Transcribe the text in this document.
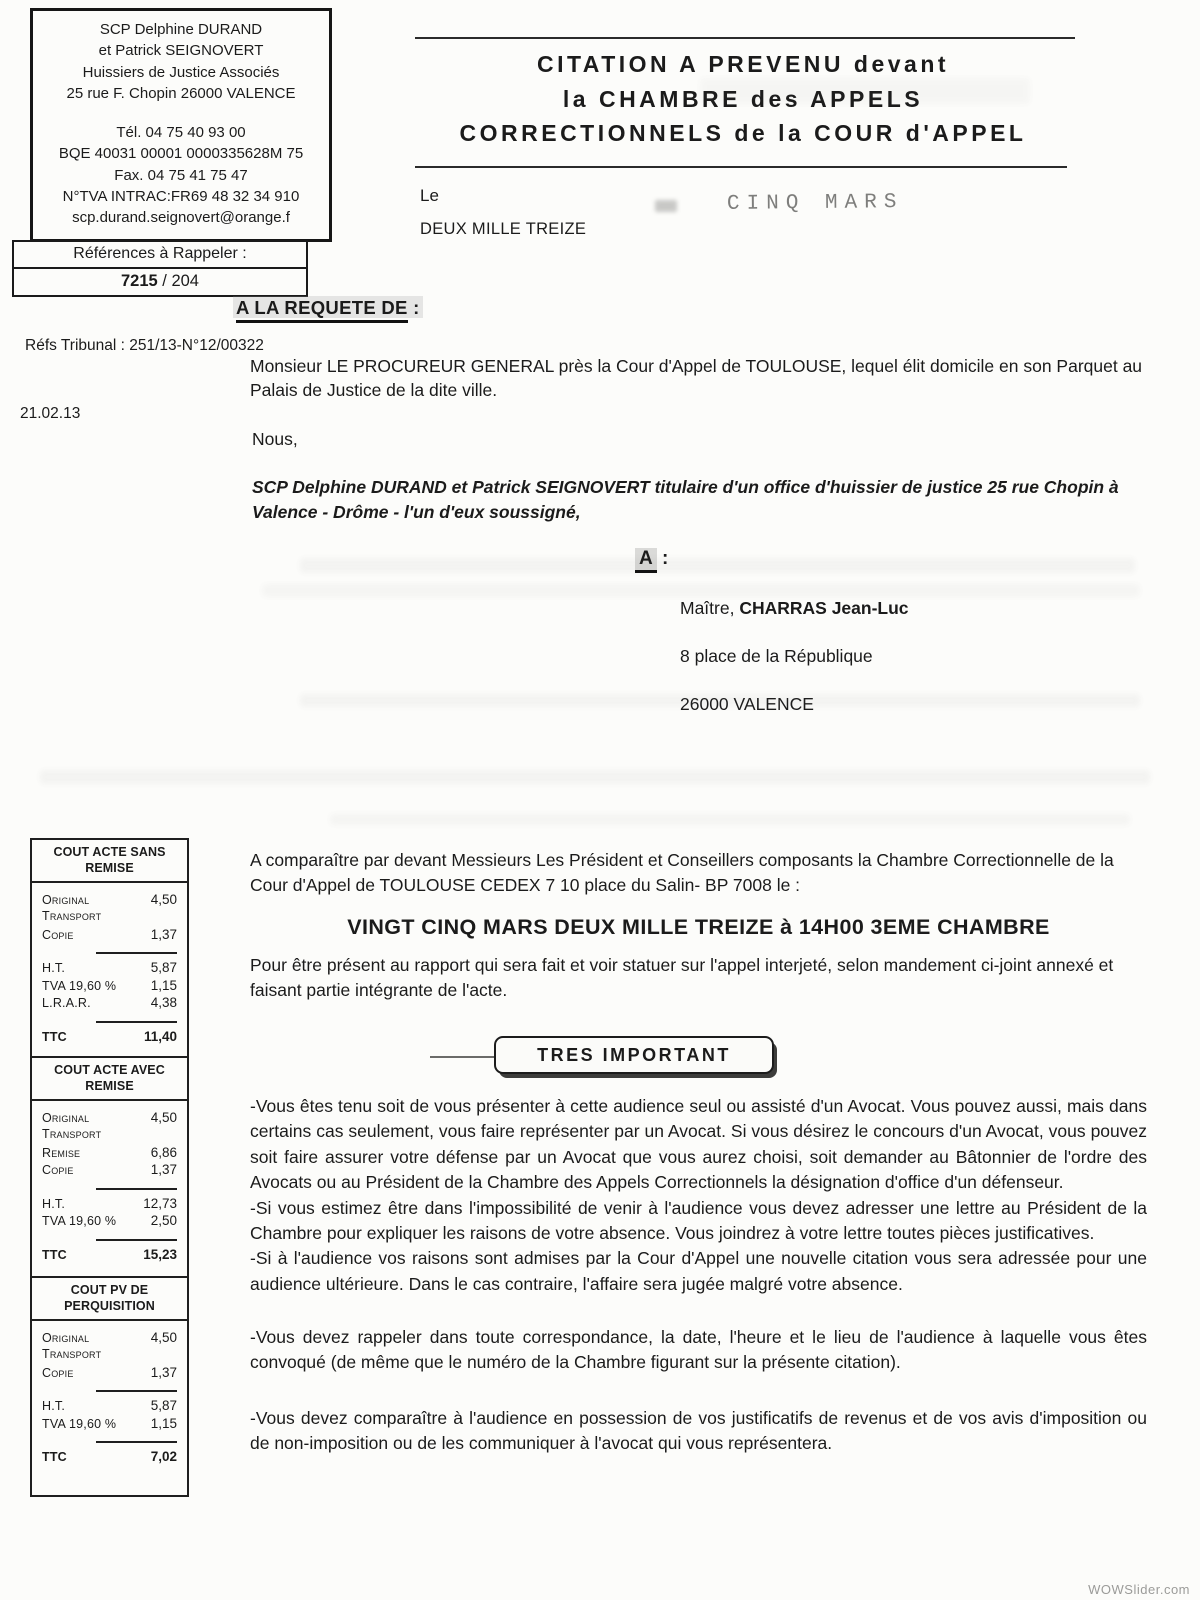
SCP Delphine DURAND
et Patrick SEIGNOVERT
Huissiers de Justice Associés
25 rue F. Chopin 26000 VALENCE
Tél. 04 75 40 93 00
BQE 40031 00001 0000335628M 75
Fax. 04 75 41 75 47
N°TVA INTRAC:FR69 48 32 34 910
scp.durand.seignovert@orange.f
CITATION A PREVENU devant
la CHAMBRE des APPELS
CORRECTIONNELS de la COUR d'APPEL
Le	CINQ MARS
DEUX MILLE TREIZE
Références à Rappeler :
7215 / 204
A LA REQUETE DE :
Réfs Tribunal : 251/13-N°12/00322
21.02.13
Monsieur LE PROCUREUR GENERAL près la Cour d'Appel de TOULOUSE, lequel élit domicile en son Parquet au Palais de Justice de la dite ville.
Nous,
SCP Delphine DURAND et Patrick SEIGNOVERT titulaire d'un office d'huissier de justice 25 rue Chopin à Valence - Drôme - l'un d'eux soussigné,
A :
Maître, CHARRAS Jean-Luc
8 place de la République
26000 VALENCE
A comparaître par devant Messieurs Les Président et Conseillers composants la Chambre Correctionnelle de la Cour d'Appel de TOULOUSE CEDEX 7 10 place du Salin- BP 7008 le :
VINGT CINQ MARS DEUX MILLE TREIZE à 14H00 3EME CHAMBRE
Pour être présent au rapport qui sera fait et voir statuer sur l'appel interjeté, selon mandement ci-joint annexé et faisant partie intégrante de l'acte.
TRES IMPORTANT

-Vous êtes tenu soit de vous présenter à cette audience seul ou assisté d'un Avocat. Vous pouvez aussi, mais dans certains cas seulement, vous faire représenter par un Avocat. Si vous désirez le concours d'un Avocat, vous pouvez soit faire assurer votre défense par un Avocat que vous aurez choisi, soit demander au Bâtonnier de l'ordre des Avocats ou au Président de la Chambre des Appels Correctionnels la désignation d'office d'un défenseur.

-Si vous estimez être dans l'impossibilité de venir à l'audience vous devez adresser une lettre au Président de la Chambre pour expliquer les raisons de votre absence. Vous joindrez à votre lettre toutes pièces justificatives.

-Si à l'audience vos raisons sont admises par la Cour d'Appel une nouvelle citation vous sera adressée pour une audience ultérieure. Dans le cas contraire, l'affaire sera jugée malgré votre absence.

-Vous devez rappeler dans toute correspondance, la date, l'heure et le lieu de l'audience à laquelle vous êtes convoqué (de même que le numéro de la Chambre figurant sur la présente citation).

-Vous devez comparaître à l'audience en possession de vos justificatifs de revenus et de vos avis d'imposition ou de non-imposition ou de les communiquer à l'avocat qui vous représentera.

COUT ACTE SANS REMISE
Original	4,50
Transport
Copie	1,37
H.T.	5,87
TVA 19,60 %	1,15
L.R.A.R.	4,38
TTC	11,40
COUT ACTE AVEC REMISE
Original	4,50
Transport
Remise	6,86
Copie	1,37
H.T.	12,73
TVA 19,60 %	2,50
TTC	15,23
COUT PV DE PERQUISITION
Original	4,50
Transport
Copie	1,37
H.T.	5,87
TVA 19,60 %	1,15
TTC	7,02
WOWSlider.com
